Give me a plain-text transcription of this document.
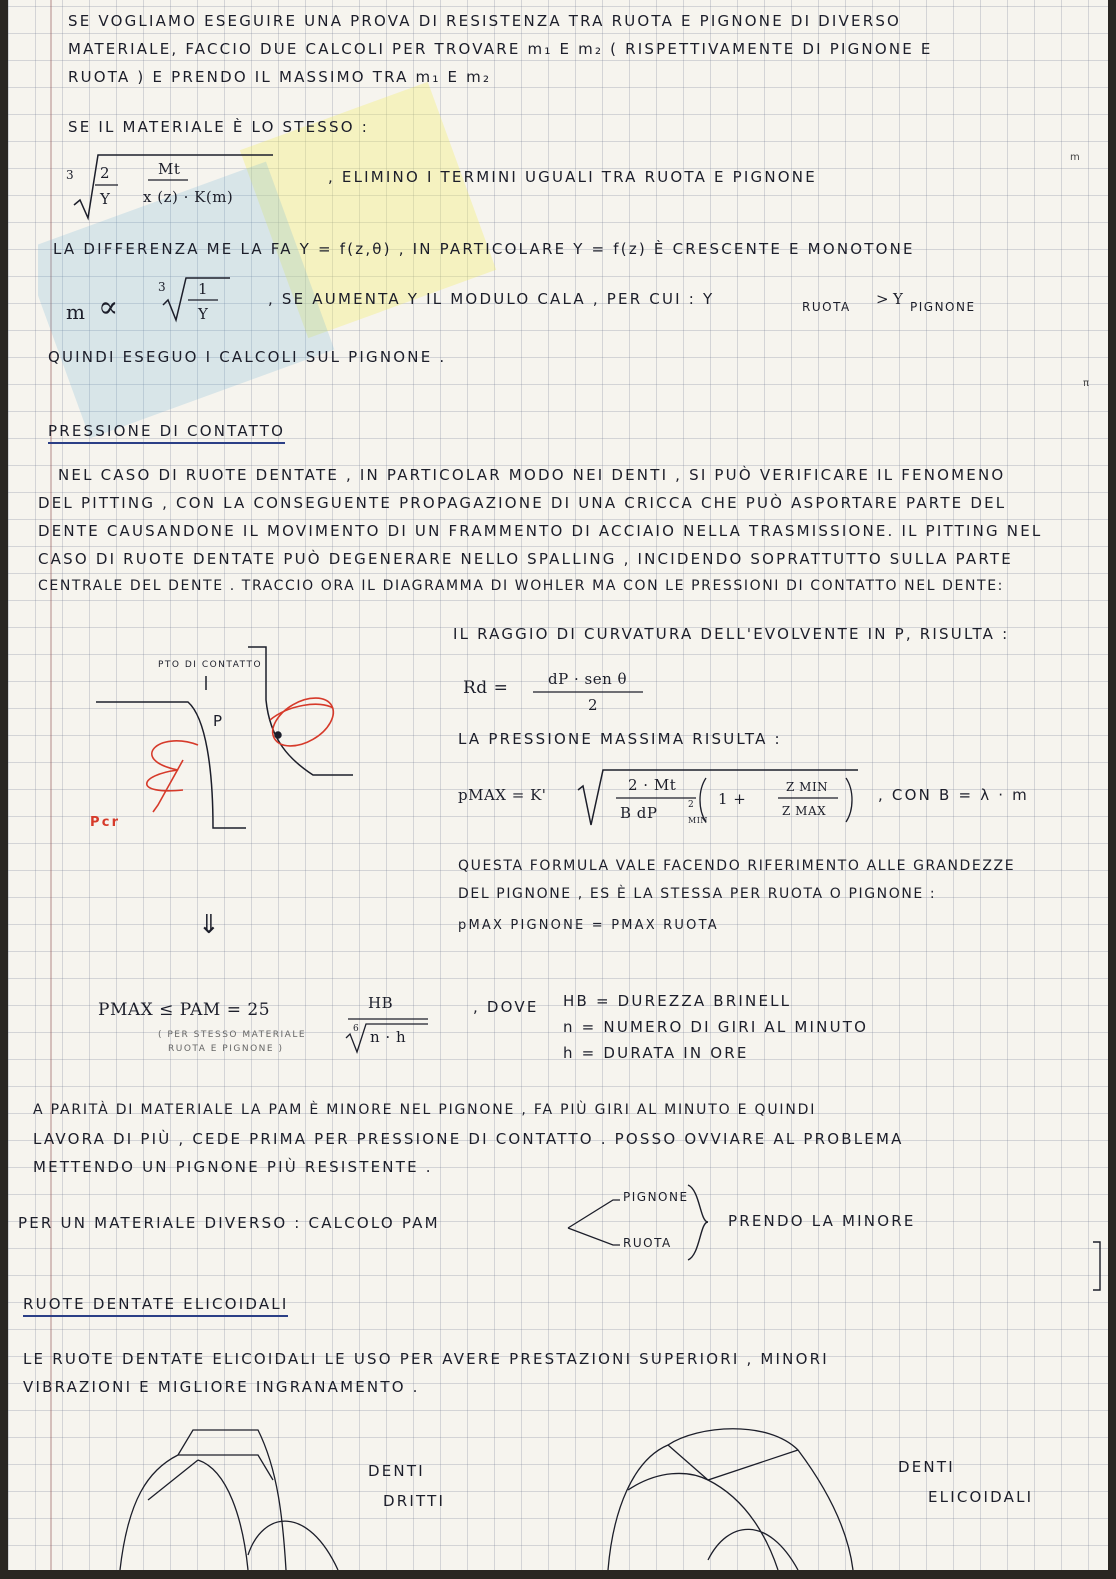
SE VOGLIAMO ESEGUIRE UNA PROVA DI RESISTENZA TRA RUOTA E PIGNONE DI DIVERSO
MATERIALE, FACCIO DUE CALCOLI PER TROVARE m₁ E m₂ ( RISPETTIVAMENTE DI PIGNONE E
RUOTA ) E PRENDO IL MASSIMO TRA m₁ E m₂
SE IL MATERIALE È LO STESSO :
3 2
Y
Mt
x (z) · K(m)
, ELIMINO I TERMINI UGUALI TRA RUOTA E PIGNONE
LA DIFFERENZA ME LA FA Y = f(z,θ) , IN PARTICOLARE Y = f(z) È CRESCENTE E MONOTONE
m ∝
3 1
Y
, SE AUMENTA Y IL MODULO CALA , PER CUI : Y	RUOTA > Y PIGNONE
QUINDI ESEGUO I CALCOLI SUL PIGNONE .
PRESSIONE DI CONTATTO
NEL CASO DI RUOTE DENTATE , IN PARTICOLAR MODO NEI DENTI , SI PUÒ VERIFICARE IL FENOMENO
DEL PITTING , CON LA CONSEGUENTE PROPAGAZIONE DI UNA CRICCA CHE PUÒ ASPORTARE PARTE DEL
DENTE CAUSANDONE IL MOVIMENTO DI UN FRAMMENTO DI ACCIAIO NELLA TRASMISSIONE. IL PITTING NEL
CASO DI RUOTE DENTATE PUÒ DEGENERARE NELLO SPALLING , INCIDENDO SOPRATTUTTO SULLA PARTE
CENTRALE DEL DENTE . TRACCIO ORA IL DIAGRAMMA DI WOHLER MA CON LE PRESSIONI DI CONTATTO NEL DENTE:
PTO DI CONTATTO
P
Pcr
IL RAGGIO DI CURVATURA DELL'EVOLVENTE IN P, RISULTA :
Rd =	dP · sen θ
2
LA PRESSIONE MASSIMA RISULTA :
pMAX = K'
2 · Mt
B dP	MIN
2 1 +
Z MIN
Z MAX
, CON B = λ · m
QUESTA FORMULA VALE FACENDO RIFERIMENTO ALLE GRANDEZZE
DEL PIGNONE , ES È LA STESSA PER RUOTA O PIGNONE :
pMAX PIGNONE = PMAX RUOTA
⇓
PMAX ≤ PAM = 25	HB
6 n · h
( PER STESSO MATERIALE
RUOTA E PIGNONE )
, DOVE HB = DUREZZA BRINELL
n = NUMERO DI GIRI AL MINUTO
h = DURATA IN ORE
A PARITÀ DI MATERIALE LA PAM È MINORE NEL PIGNONE , FA PIÙ GIRI AL MINUTO E QUINDI
LAVORA DI PIÙ , CEDE PRIMA PER PRESSIONE DI CONTATTO . POSSO OVVIARE AL PROBLEMA
METTENDO UN PIGNONE PIÙ RESISTENTE .
PER UN MATERIALE DIVERSO : CALCOLO PAM
PIGNONE
RUOTA
PRENDO LA MINORE
RUOTE DENTATE ELICOIDALI
LE RUOTE DENTATE ELICOIDALI LE USO PER AVERE PRESTAZIONI SUPERIORI , MINORI
VIBRAZIONI E MIGLIORE INGRANAMENTO .
DENTI
DRITTI
DENTI
ELICOIDALI
m
π
